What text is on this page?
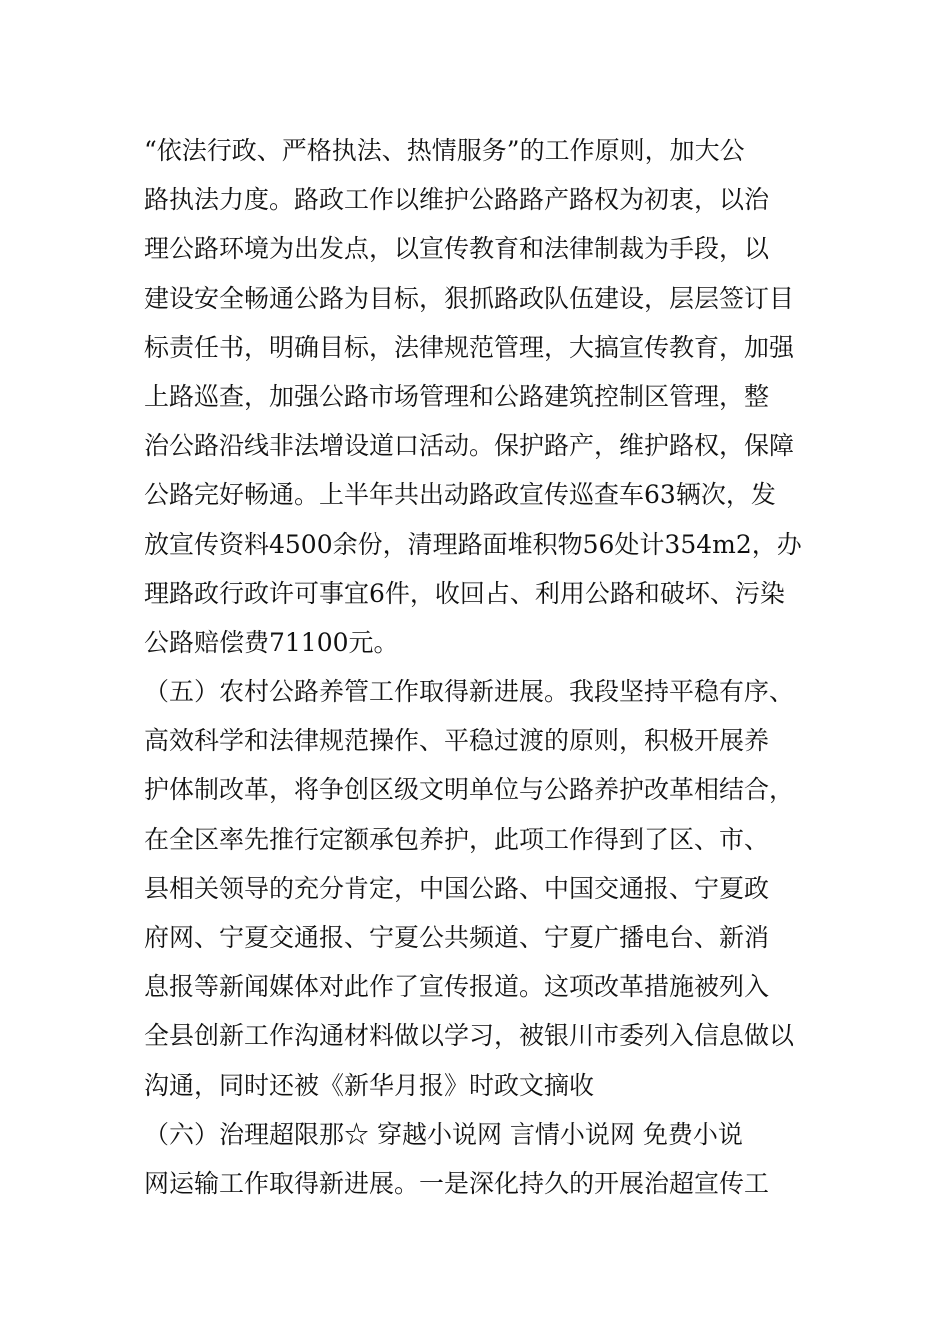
“依法行政、严格执法、热情服务”的工作原则，加大公
路执法力度。路政工作以维护公路路产路权为初衷，以治
理公路环境为出发点，以宣传教育和法律制裁为手段，以
建设安全畅通公路为目标，狠抓路政队伍建设，层层签订目
标责任书，明确目标，法律规范管理，大搞宣传教育，加强
上路巡查，加强公路市场管理和公路建筑控制区管理，整
治公路沿线非法增设道口活动。保护路产，维护路权，保障
公路完好畅通。上半年共出动路政宣传巡查车63辆次，发
放宣传资料4500余份，清理路面堆积物56处计354m2，办
理路政行政许可事宜6件，收回占、利用公路和破坏、污染
公路赔偿费71100元。
（五）农村公路养管工作取得新进展。我段坚持平稳有序、
高效科学和法律规范操作、平稳过渡的原则，积极开展养
护体制改革，将争创区级文明单位与公路养护改革相结合，
在全区率先推行定额承包养护，此项工作得到了区、市、
县相关领导的充分肯定，中国公路、中国交通报、宁夏政
府网、宁夏交通报、宁夏公共频道、宁夏广播电台、新消
息报等新闻媒体对此作了宣传报道。这项改革措施被列入
全县创新工作沟通材料做以学习，被银川市委列入信息做以
沟通，同时还被《新华月报》时政文摘收
（六）治理超限那☆ 穿越小说网 言情小说网 免费小说
网运输工作取得新进展。一是深化持久的开展治超宣传工
